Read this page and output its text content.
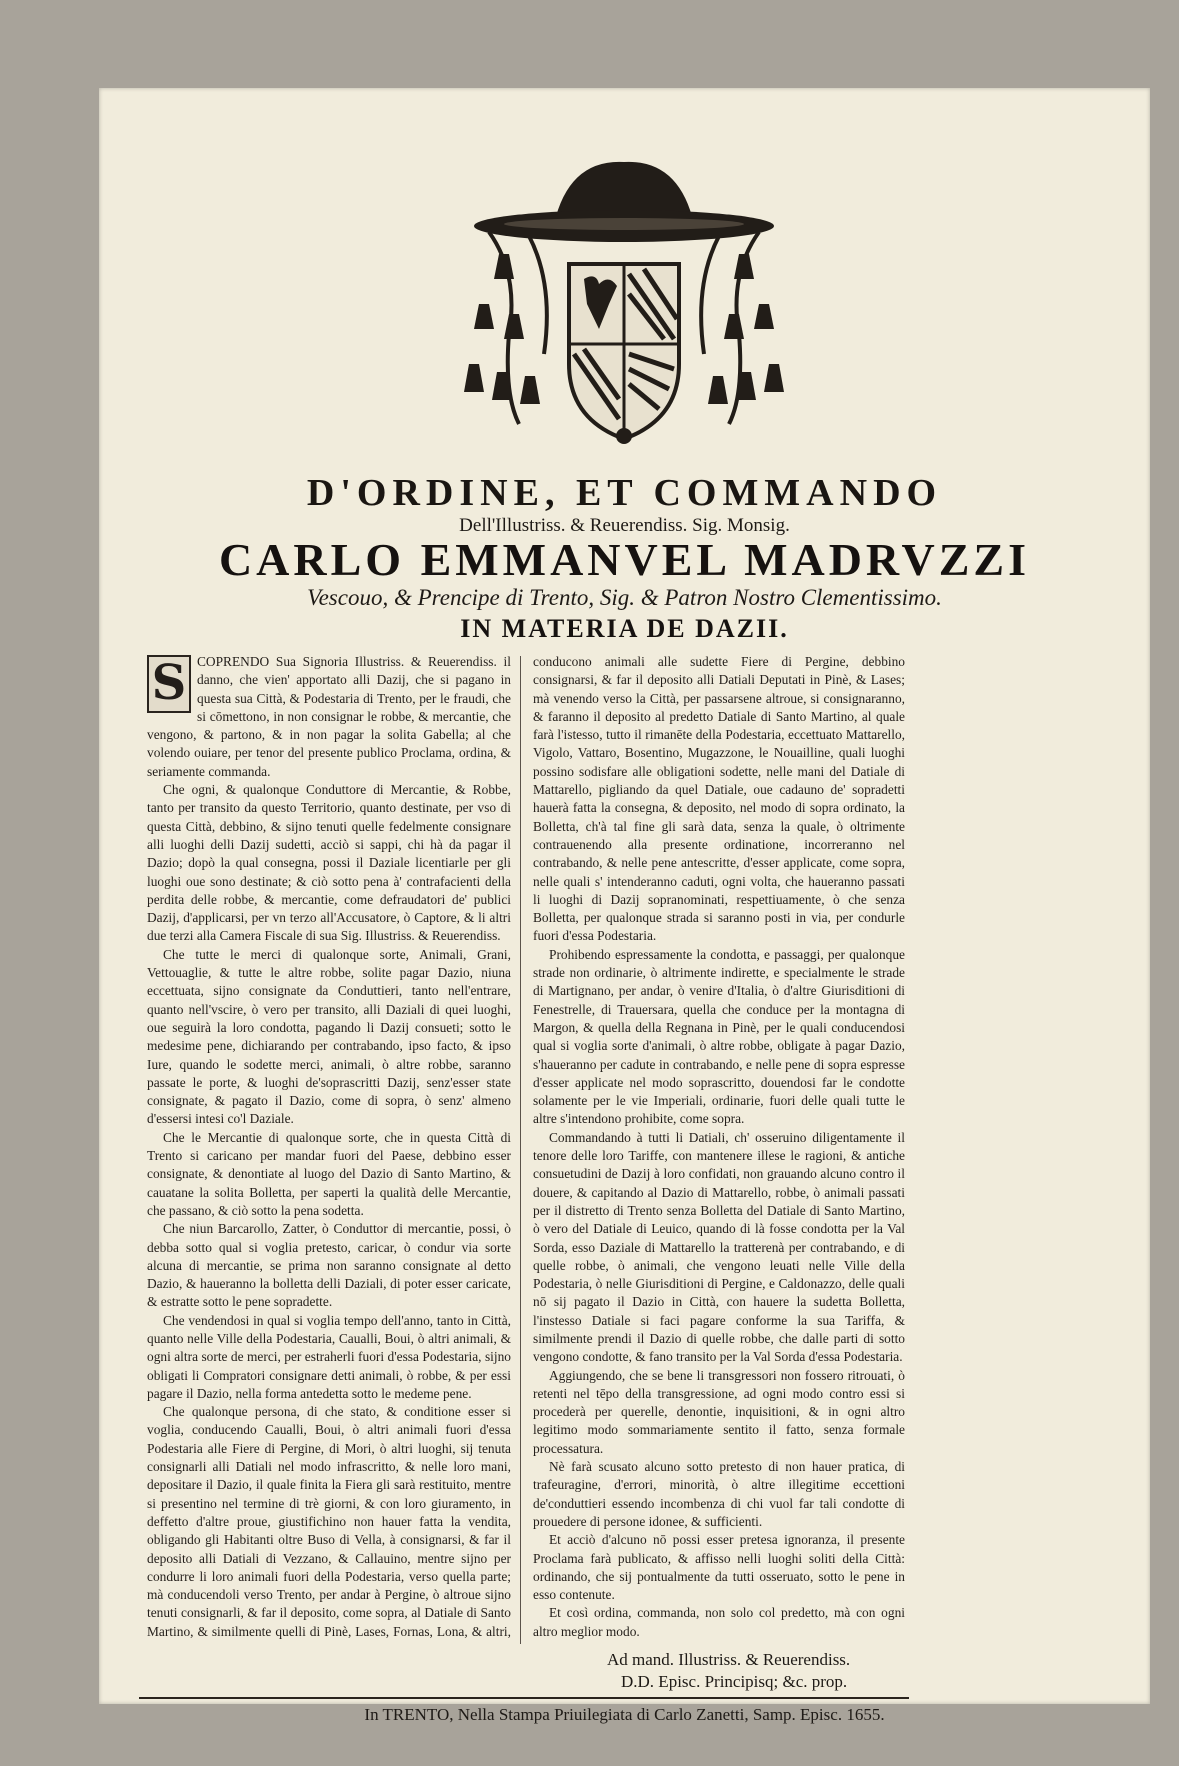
D'ORDINE, ET COMMANDO
Dell'Illustriss. & Reuerendiss. Sig. Monsig.
CARLO EMMANVEL MADRVZZI
Vescouo, & Prencipe di Trento, Sig. & Patron Nostro Clementissimo.
IN MATERIA DE DAZII.

S COPRENDO Sua Signoria Illustriss. & Reuerendiss. il danno, che vien' apportato alli Dazij, che si pagano in questa sua Città, & Podestaria di Trento, per le fraudi, che si cōmettono, in non consignar le robbe, & mercantie, che vengono, & partono, & in non pagar la solita Gabella; al che volendo ouiare, per tenor del presente publico Proclama, ordina, & seriamente commanda.

Che ogni, & qualonque Conduttore di Mercantie, & Robbe, tanto per transito da questo Territorio, quanto destinate, per vso di questa Città, debbino, & sijno tenuti quelle fedelmente consignare alli luoghi delli Dazij sudetti, acciò si sappi, chi hà da pagar il Dazio; dopò la qual consegna, possi il Daziale licentiarle per gli luoghi oue sono destinate; & ciò sotto pena à' contrafacienti della perdita delle robbe, & mercantie, come defraudatori de' publici Dazij, d'applicarsi, per vn terzo all'Accusatore, ò Captore, & li altri due terzi alla Camera Fiscale di sua Sig. Illustriss. & Reuerendiss.

Che tutte le merci di qualonque sorte, Animali, Grani, Vettouaglie, & tutte le altre robbe, solite pagar Dazio, niuna eccettuata, sijno consignate da Conduttieri, tanto nell'entrare, quanto nell'vscire, ò vero per transito, alli Daziali di quei luoghi, oue seguirà la loro condotta, pagando li Dazij consueti; sotto le medesime pene, dichiarando per contrabando, ipso facto, & ipso Iure, quando le sodette merci, animali, ò altre robbe, saranno passate le porte, & luoghi de'soprascritti Dazij, senz'esser state consignate, & pagato il Dazio, come di sopra, ò senz' almeno d'essersi intesi co'l Daziale.

Che le Mercantie di qualonque sorte, che in questa Città di Trento si caricano per mandar fuori del Paese, debbino esser consignate, & denontiate al luogo del Dazio di Santo Martino, & cauatane la solita Bolletta, per saperti la qualità delle Mercantie, che passano, & ciò sotto la pena sodetta.

Che niun Barcarollo, Zatter, ò Conduttor di mercantie, possi, ò debba sotto qual si voglia pretesto, caricar, ò condur via sorte alcuna di mercantie, se prima non saranno consignate al detto Dazio, & haueranno la bolletta delli Daziali, di poter esser caricate, & estratte sotto le pene sopradette.

Che vendendosi in qual si voglia tempo dell'anno, tanto in Città, quanto nelle Ville della Podestaria, Caualli, Boui, ò altri animali, & ogni altra sorte de merci, per estraherli fuori d'essa Podestaria, sijno obligati li Compratori consignare detti animali, ò robbe, & per essi pagare il Dazio, nella forma antedetta sotto le medeme pene.

Che qualonque persona, di che stato, & conditione esser si voglia, conducendo Caualli, Boui, ò altri animali fuori d'essa Podestaria alle Fiere di Pergine, di Mori, ò altri luoghi, sij tenuta consignarli alli Datiali nel modo infrascritto, & nelle loro mani, depositare il Dazio, il quale finita la Fiera gli sarà restituito, mentre si presentino nel termine di trè giorni, & con loro giuramento, in deffetto d'altre proue, giustifichino non hauer fatta la vendita, obligando gli Habitanti oltre Buso di Vella, à consignarsi, & far il deposito alli Datiali di Vezzano, & Callauino, mentre sijno per condurre li loro animali fuori della Podestaria, verso quella parte; mà conducendoli verso Trento, per andar à Pergine, ò altroue sijno tenuti consignarli, & far il deposito, come sopra, al Datiale di Santo Martino, & similmente quelli di Pinè, Lases, Fornas, Lona, & altri,

conducono animali alle sudette Fiere di Pergine, debbino consignarsi, & far il deposito alli Datiali Deputati in Pinè, & Lases; mà venendo verso la Città, per passarsene altroue, si consignaranno, & faranno il deposito al predetto Datiale di Santo Martino, al quale farà l'istesso, tutto il rimanēte della Podestaria, eccettuato Mattarello, Vigolo, Vattaro, Bosentino, Mugazzone, le Nouailline, quali luoghi possino sodisfare alle obligationi sodette, nelle mani del Datiale di Mattarello, pigliando da quel Datiale, oue cadauno de' sopradetti hauerà fatta la consegna, & deposito, nel modo di sopra ordinato, la Bolletta, ch'à tal fine gli sarà data, senza la quale, ò oltrimente contrauenendo alla presente ordinatione, incorreranno nel contrabando, & nelle pene antescritte, d'esser applicate, come sopra, nelle quali s' intenderanno caduti, ogni volta, che haueranno passati li luoghi di Dazij sopranominati, respettiuamente, ò che senza Bolletta, per qualonque strada si saranno posti in via, per condurle fuori d'essa Podestaria.

Prohibendo espressamente la condotta, e passaggi, per qualonque strade non ordinarie, ò altrimente indirette, e specialmente le strade di Martignano, per andar, ò venire d'Italia, ò d'altre Giurisditioni di Fenestrelle, di Trauersara, quella che conduce per la montagna di Margon, & quella della Regnana in Pinè, per le quali conducendosi qual si voglia sorte d'animali, ò altre robbe, obligate à pagar Dazio, s'haueranno per cadute in contrabando, e nelle pene di sopra espresse d'esser applicate nel modo soprascritto, douendosi far le condotte solamente per le vie Imperiali, ordinarie, fuori delle quali tutte le altre s'intendono prohibite, come sopra.

Commandando à tutti li Datiali, ch' osseruino diligentamente il tenore delle loro Tariffe, con mantenere illese le ragioni, & antiche consuetudini de Dazij à loro confidati, non grauando alcuno contro il douere, & capitando al Dazio di Mattarello, robbe, ò animali passati per il distretto di Trento senza Bolletta del Datiale di Santo Martino, ò vero del Datiale di Leuico, quando di là fosse condotta per la Val Sorda, esso Daziale di Mattarello la tratterenà per contrabando, e di quelle robbe, ò animali, che vengono leuati nelle Ville della Podestaria, ò nelle Giurisditioni di Pergine, e Caldonazzo, delle quali nō sij pagato il Dazio in Città, con hauere la sudetta Bolletta, l'instesso Datiale si faci pagare conforme la sua Tariffa, & similmente prendi il Dazio di quelle robbe, che dalle parti di sotto vengono condotte, & fano transito per la Val Sorda d'essa Podestaria.

Aggiungendo, che se bene li transgressori non fossero ritrouati, ò retenti nel tēpo della transgressione, ad ogni modo contro essi si procederà per querelle, denontie, inquisitioni, & in ogni altro legitimo modo sommariamente sentito il fatto, senza formale processatura.

Nè farà scusato alcuno sotto pretesto di non hauer pratica, di trafeuragine, d'errori, minorità, ò altre illegitime eccettioni de'conduttieri essendo incombenza di chi vuol far tali condotte di prouedere di persone idonee, & sufficienti.

Et acciò d'alcuno nō possi esser pretesa ignoranza, il presente Proclama farà publicato, & affisso nelli luoghi soliti della Città: ordinando, che sij pontualmente da tutti osseruato, sotto le pene in esso contenute.

Et così ordina, commanda, non solo col predetto, mà con ogni altro meglior modo.

Ad mand. Illustriss. & Reuerendiss.
D.D. Episc. Principisq; &c. prop.
In TRENTO, Nella Stampa Priuilegiata di Carlo Zanetti, Samp. Episc. 1655.
